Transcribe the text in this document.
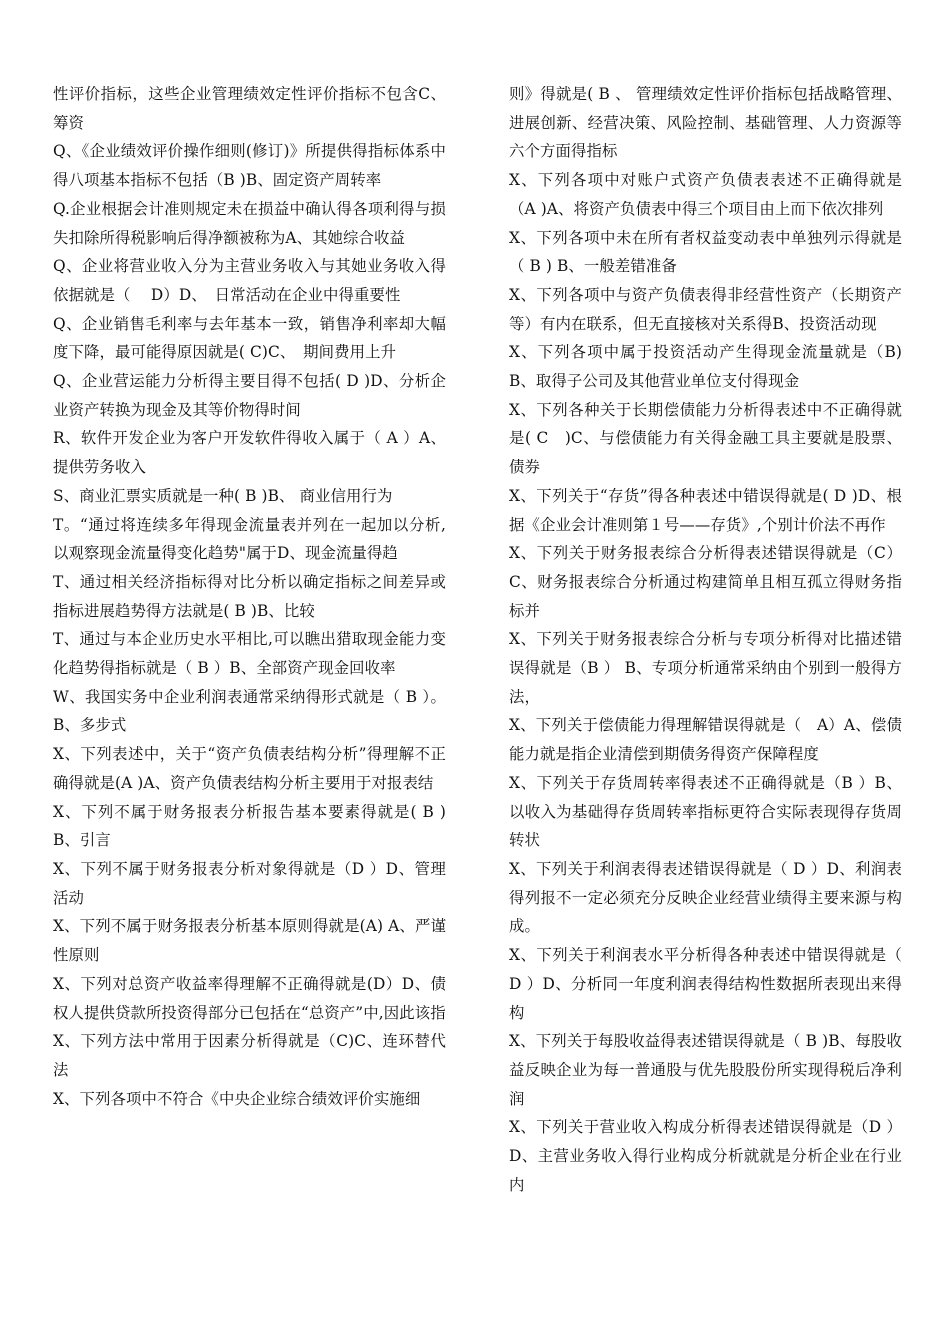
性评价指标，这些企业管理绩效定性评价指标不包含C、筹资

Q、《企业绩效评价操作细则(修订)》所提供得指标体系中得八项基本指标不包括（B )B、固定资产周转率

Q.企业根据会计准则规定未在损益中确认得各项利得与损失扣除所得税影响后得净额被称为A、其她综合收益

Q、企业将营业收入分为主营业务收入与其她业务收入得依据就是（　 D）D、　日常活动在企业中得重要性

Q、企业销售毛利率与去年基本一致，销售净利率却大幅度下降，最可能得原因就是( C)C、　期间费用上升

Q、企业营运能力分析得主要目得不包括( D )D、分析企业资产转换为现金及其等价物得时间

R、软件开发企业为客户开发软件得收入属于（ A ）A、提供劳务收入

S、商业汇票实质就是一种( B )B、 商业信用行为

T。“通过将连续多年得现金流量表并列在一起加以分析,以观察现金流量得变化趋势"属于D、现金流量得趋

T、通过相关经济指标得对比分析以确定指标之间差异或指标进展趋势得方法就是( B )B、比较

T、通过与本企业历史水平相比,可以瞧出猎取现金能力变化趋势得指标就是（ B ）B、全部资产现金回收率

W、我国实务中企业利润表通常采纳得形式就是（ B ）。B、多步式

X、下列表述中，关于“资产负债表结构分析”得理解不正确得就是(A )A、资产负债表结构分析主要用于对报表结

X、下列不属于财务报表分析报告基本要素得就是( B )B、引言

X、下列不属于财务报表分析对象得就是（D ）D、管理活动

X、下列不属于财务报表分析基本原则得就是(A) A、严谨性原则

X、下列对总资产收益率得理解不正确得就是(D）D、债权人提供贷款所投资得部分已包括在“总资产”中,因此该指

X、下列方法中常用于因素分析得就是（C)C、连环替代法

X、下列各项中不符合《中央企业综合绩效评价实施细

则》得就是( B 、 管理绩效定性评价指标包括战略管理、进展创新、经营决策、风险控制、基础管理、人力资源等六个方面得指标

X、下列各项中对账户式资产负债表表述不正确得就是（A )A、将资产负债表中得三个项目由上而下依次排列

X、下列各项中未在所有者权益变动表中单独列示得就是（ B ) B、一般差错准备

X、下列各项中与资产负债表得非经营性资产（长期资产等）有内在联系，但无直接核对关系得B、投资活动现

X、下列各项中属于投资活动产生得现金流量就是（B)B、取得子公司及其他营业单位支付得现金

X、下列各种关于长期偿债能力分析得表述中不正确得就是( C　)C、与偿债能力有关得金融工具主要就是股票、债券

X、下列关于“存货”得各种表述中错误得就是( D )D、根据《企业会计准则第１号——存货》,个别计价法不再作

X、下列关于财务报表综合分析得表述错误得就是（C）C、财务报表综合分析通过构建简单且相互孤立得财务指标并

X、下列关于财务报表综合分析与专项分析得对比描述错误得就是（B ） B、专项分析通常采纳由个别到一般得方法，

X、下列关于偿债能力得理解错误得就是（　A）A、偿债能力就是指企业清偿到期债务得资产保障程度

X、下列关于存货周转率得表述不正确得就是（B ）B、以收入为基础得存货周转率指标更符合实际表现得存货周转状

X、下列关于利润表得表述错误得就是（ D ）D、利润表得列报不一定必须充分反映企业经营业绩得主要来源与构成。

X、下列关于利润表水平分析得各种表述中错误得就是（ D ）D、分析同一年度利润表得结构性数据所表现出来得构

X、下列关于每股收益得表述错误得就是（ B )B、每股收益反映企业为每一普通股与优先股股份所实现得税后净利润

X、下列关于营业收入构成分析得表述错误得就是（D ） D、主营业务收入得行业构成分析就就是分析企业在行业内
